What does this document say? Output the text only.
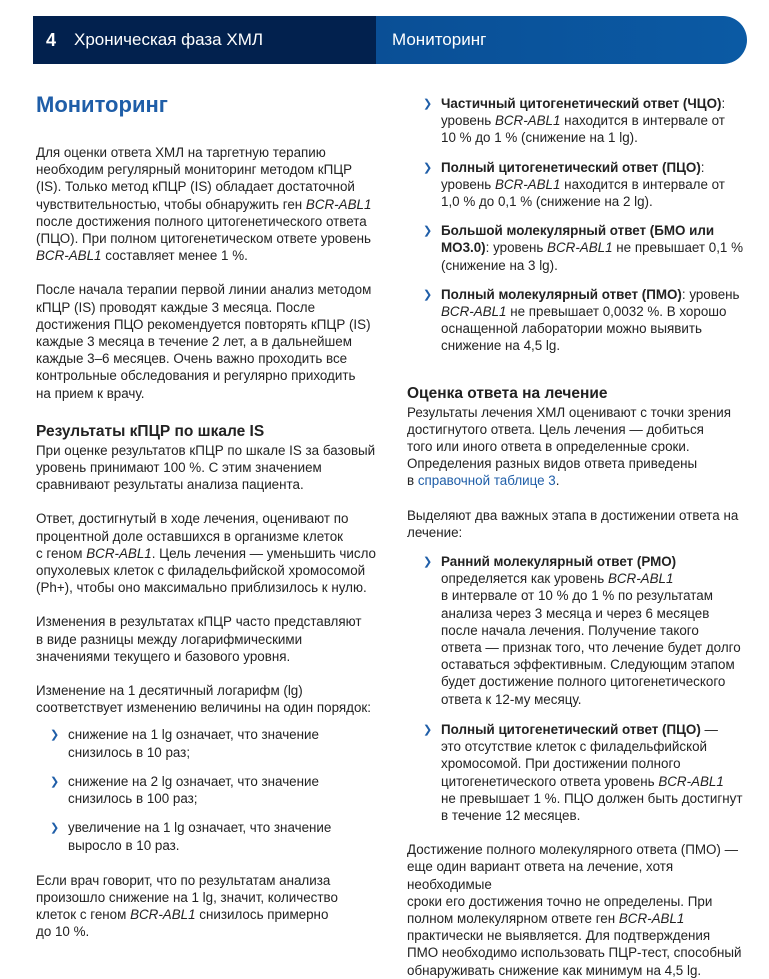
4	Хроническая фаза ХМЛ	Мониторинг
Мониторинг

Для оценки ответа ХМЛ на таргетную терапию
необходим регулярный мониторинг методом кПЦР
(IS). Только метод кПЦР (IS) обладает достаточной
чувствительностью, чтобы обнаружить ген BCR-ABL1
после достижения полного цитогенетического ответа
(ПЦО). При полном цитогенетическом ответе уровень
BCR-ABL1 составляет менее 1 %.

После начала терапии первой линии анализ методом
кПЦР (IS) проводят каждые 3 месяца. После
достижения ПЦО рекомендуется повторять кПЦР (IS)
каждые 3 месяца в течение 2 лет, а в дальнейшем
каждые 3–6 месяцев. Очень важно проходить все
контрольные обследования и регулярно приходить
на прием к врачу.

Результаты кПЦР по шкале IS

При оценке результатов кПЦР по шкале IS за базовый
уровень принимают 100 %. С этим значением
сравнивают результаты анализа пациента.

Ответ, достигнутый в ходе лечения, оценивают по
процентной доле оставшихся в организме клеток
с геном BCR-ABL1. Цель лечения — уменьшить число
опухолевых клеток с филадельфийской хромосомой
(Ph+), чтобы оно максимально приблизилось к нулю.

Изменения в результатах кПЦР часто представляют
в виде разницы между логарифмическими
значениями текущего и базового уровня.

Изменение на 1 десятичный логарифм (lg)
соответствует изменению величины на один порядок:

❯ снижение на 1 lg означает, что значение
снизилось в 10 раз;
❯ снижение на 2 lg означает, что значение
снизилось в 100 раз;
❯ увеличение на 1 lg означает, что значение
выросло в 10 раз.

Если врач говорит, что по результатам анализа
произошло снижение на 1 lg, значит, количество
клеток с геном BCR-ABL1 снизилось примерно
до 10 %.

❯ Частичный цитогенетический ответ (ЧЦО):
уровень BCR-ABL1 находится в интервале от
10 % до 1 % (снижение на 1 lg).
❯ Полный цитогенетический ответ (ПЦО):
уровень BCR-ABL1 находится в интервале от
1,0 % до 0,1 % (снижение на 2 lg).
❯ Большой молекулярный ответ (БМО или
МО3.0): уровень BCR-ABL1 не превышает 0,1 %
(снижение на 3 lg).
❯ Полный молекулярный ответ (ПМО): уровень
BCR-ABL1 не превышает 0,0032 %. В хорошо
оснащенной лаборатории можно выявить
снижение на 4,5 lg.
Оценка ответа на лечение

Результаты лечения ХМЛ оценивают с точки зрения
достигнутого ответа. Цель лечения — добиться
того или иного ответа в определенные сроки.
Определения разных видов ответа приведены
в справочной таблице 3.

Выделяют два важных этапа в достижении ответа на
лечение:

❯ Ранний молекулярный ответ (РМО)
определяется как уровень BCR-ABL1
в интервале от 10 % до 1 % по результатам
анализа через 3 месяца и через 6 месяцев
после начала лечения. Получение такого
ответа — признак того, что лечение будет долго
оставаться эффективным. Следующим этапом
будет достижение полного цитогенетического
ответа к 12-му месяцу.
❯ Полный цитогенетический ответ (ПЦО) —
это отсутствие клеток с филадельфийской
хромосомой. При достижении полного
цитогенетического ответа уровень BCR-ABL1
не превышает 1 %. ПЦО должен быть достигнут
в течение 12 месяцев.

Достижение полного молекулярного ответа (ПМО) —
еще один вариант ответа на лечение, хотя необходимые
сроки его достижения точно не определены. При
полном молекулярном ответе ген BCR-ABL1
практически не выявляется. Для подтверждения
ПМО необходимо использовать ПЦР-тест, способный
обнаруживать снижение как минимум на 4,5 lg.
